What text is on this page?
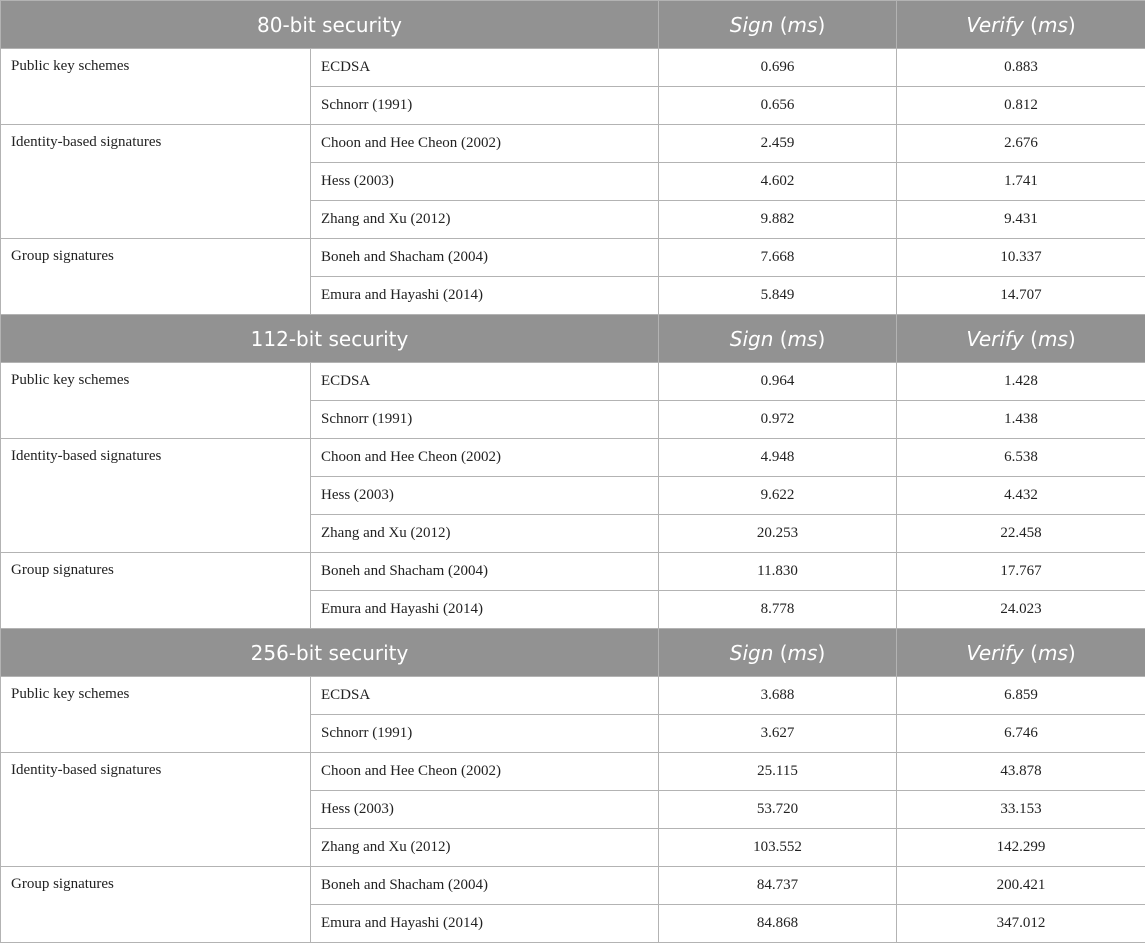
80-bit security		Sign (ms)	Verify (ms)
Public key schemes	ECDSA	0.696	0.883
	Schnorr (1991)	0.656	0.812
Identity-based signatures	Choon and Hee Cheon (2002)	2.459	2.676
	Hess (2003)	4.602	1.741
	Zhang and Xu (2012)	9.882	9.431
Group signatures	Boneh and Shacham (2004)	7.668	10.337
	Emura and Hayashi (2014)	5.849	14.707
112-bit security		Sign (ms)	Verify (ms)
Public key schemes	ECDSA	0.964	1.428
	Schnorr (1991)	0.972	1.438
Identity-based signatures	Choon and Hee Cheon (2002)	4.948	6.538
	Hess (2003)	9.622	4.432
	Zhang and Xu (2012)	20.253	22.458
Group signatures	Boneh and Shacham (2004)	11.830	17.767
	Emura and Hayashi (2014)	8.778	24.023
256-bit security		Sign (ms)	Verify (ms)
Public key schemes	ECDSA	3.688	6.859
	Schnorr (1991)	3.627	6.746
Identity-based signatures	Choon and Hee Cheon (2002)	25.115	43.878
	Hess (2003)	53.720	33.153
	Zhang and Xu (2012)	103.552	142.299
Group signatures	Boneh and Shacham (2004)	84.737	200.421
	Emura and Hayashi (2014)	84.868	347.012
